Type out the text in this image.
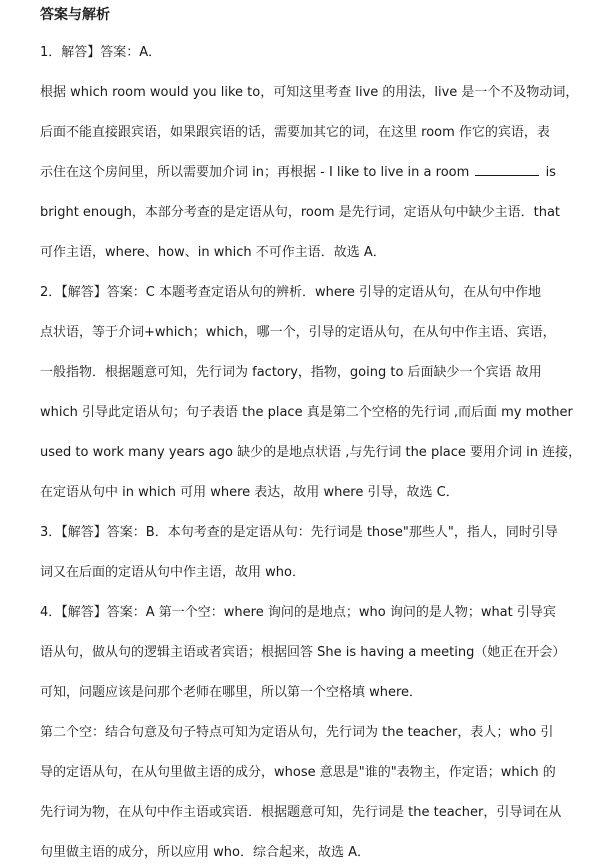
答案与解析
1．解答】答案：A．
根据 which room would you like to，可知这里考查 live 的用法，live 是一个不及物动词，
后面不能直接跟宾语，如果跟宾语的话，需要加其它的词，在这里 room 作它的宾语，表
示住在这个房间里，所以需要加介词 in；再根据 - I like to live in a room	is
bright enough，本部分考查的是定语从句，room 是先行词，定语从句中缺少主语．that
可作主语，where、how、in which 不可作主语．故选 A．
2．【解答】答案：C 本题考查定语从句的辨析．where 引导的定语从句，在从句中作地
点状语，等于介词+which；which，哪一个，引导的定语从句，在从句中作主语、宾语，
一般指物．根据题意可知，先行词为 factory，指物，going to 后面缺少一个宾语 故用
which 引导此定语从句；句子表语 the place 真是第二个空格的先行词 ,而后面 my mother
used to work many years ago 缺少的是地点状语 ,与先行词 the place 要用介词 in 连接，
在定语从句中 in which 可用 where 表达，故用 where 引导，故选 C．
3．【解答】答案：B．本句考查的是定语从句：先行词是 those"那些人"，指人，同时引导
词又在后面的定语从句中作主语，故用 who．
4．【解答】答案：A 第一个空：where 询问的是地点；who 询问的是人物；what 引导宾
语从句，做从句的逻辑主语或者宾语；根据回答 She is having a meeting（她正在开会）
可知，问题应该是问那个老师在哪里，所以第一个空格填 where．
第二个空：结合句意及句子特点可知为定语从句，先行词为 the teacher，表人；who 引
导的定语从句，在从句里做主语的成分，whose 意思是"谁的"表物主，作定语；which 的
先行词为物，在从句中作主语或宾语．根据题意可知，先行词是 the teacher，引导词在从
句里做主语的成分，所以应用 who．综合起来，故选 A．
